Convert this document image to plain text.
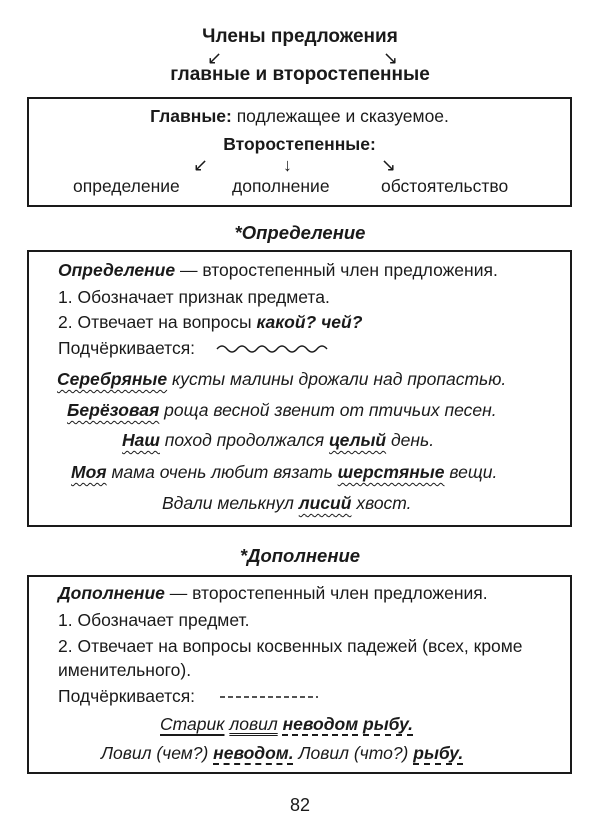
Члены предложения
↙	↘
главные и второстепенные
Главные: подлежащее и сказуемое.
Второстепенные:
↙	↓	↘
определение	дополнение	обстоятельство
*Определение
Определение — второстепенный член предложения.
1. Обозначает признак предмета.
2. Отвечает на вопросы какой? чей?
Подчёркивается:
Серебряные кусты малины дрожали над пропастью.
Берёзовая роща весной звенит от птичьих песен.
Наш поход продолжался целый день.
Моя мама очень любит вязать шерстяные вещи.
Вдали мелькнул лисий хвост.
*Дополнение
Дополнение — второстепенный член предложения.
1. Обозначает предмет.
2. Отвечает на вопросы косвенных падежей (всех, кроме
именительного).
Подчёркивается:
Старик ловил неводом рыбу.
Ловил (чем?) неводом. Ловил (что?) рыбу.
82
